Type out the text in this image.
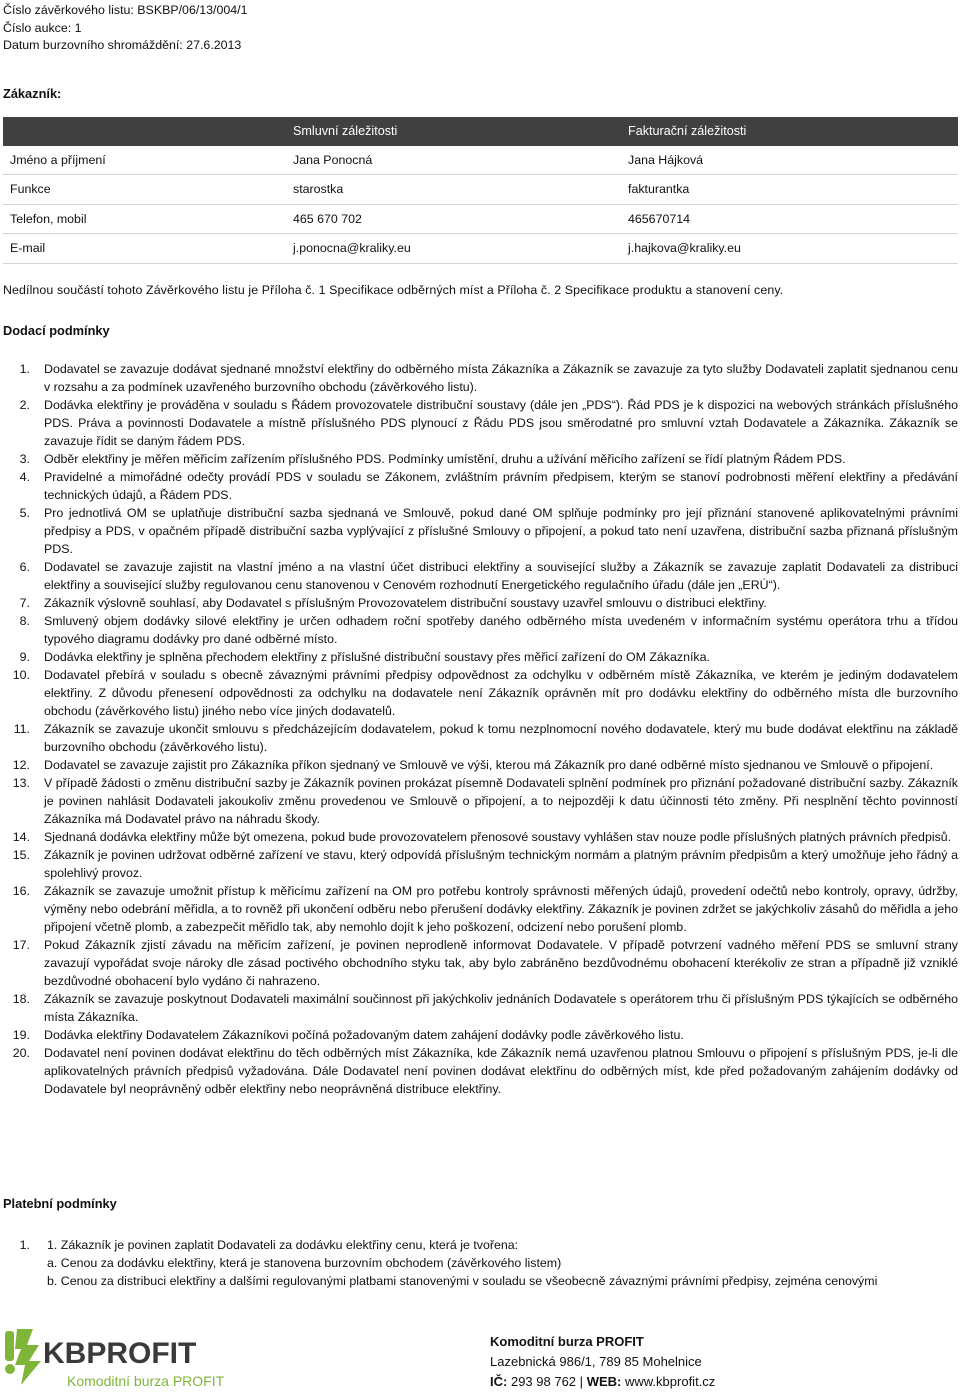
Číslo závěrkového listu: BSKBP/06/13/004/1
Číslo aukce: 1
Datum burzovního shromáždění: 27.6.2013
Zákazník:
	Smluvní záležitosti	Fakturační záležitosti
Jméno a příjmení	Jana Ponocná	Jana Hájková
Funkce	starostka	fakturantka
Telefon, mobil	465 670 702	465670714
E-mail	j.ponocna@kraliky.eu	j.hajkova@kraliky.eu
Nedílnou součástí tohoto Závěrkového listu je Příloha č. 1 Specifikace odběrných míst a Příloha č. 2 Specifikace produktu a stanovení ceny.
Dodací podmínky
1. Dodavatel se zavazuje dodávat sjednané množství elektřiny do odběrného místa Zákazníka a Zákazník se zavazuje za tyto služby Dodavateli zaplatit sjednanou cenu v rozsahu a za podmínek uzavřeného burzovního obchodu (závěrkového listu).
2. Dodávka elektřiny je prováděna v souladu s Řádem provozovatele distribuční soustavy (dále jen „PDS“). Řád PDS je k dispozici na webových stránkách příslušného PDS. Práva a povinnosti Dodavatele a místně příslušného PDS plynoucí z Řádu PDS jsou směrodatné pro smluvní vztah Dodavatele a Zákazníka. Zákazník se zavazuje řídit se daným řádem PDS.
3. Odběr elektřiny je měřen měřicím zařízením příslušného PDS. Podmínky umístění, druhu a užívání měřicího zařízení se řídí platným Řádem PDS.
4. Pravidelné a mimořádné odečty provádí PDS v souladu se Zákonem, zvláštním právním předpisem, kterým se stanoví podrobnosti měření elektřiny a předávání technických údajů, a Řádem PDS.
5. Pro jednotlivá OM se uplatňuje distribuční sazba sjednaná ve Smlouvě, pokud dané OM splňuje podmínky pro její přiznání stanovené aplikovatelnými právními předpisy a PDS, v opačném případě distribuční sazba vyplývající z příslušné Smlouvy o připojení, a pokud tato není uzavřena, distribuční sazba přiznaná příslušným PDS.
6. Dodavatel se zavazuje zajistit na vlastní jméno a na vlastní účet distribuci elektřiny a související služby a Zákazník se zavazuje zaplatit Dodavateli za distribuci elektřiny a související služby regulovanou cenu stanovenou v Cenovém rozhodnutí Energetického regulačního úřadu (dále jen „ERÚ“).
7. Zákazník výslovně souhlasí, aby Dodavatel s příslušným Provozovatelem distribuční soustavy uzavřel smlouvu o distribuci elektřiny.
8. Smluvený objem dodávky silové elektřiny je určen odhadem roční spotřeby daného odběrného místa uvedeném v informačním systému operátora trhu a třídou typového diagramu dodávky pro dané odběrné místo.
9. Dodávka elektřiny je splněna přechodem elektřiny z příslušné distribuční soustavy přes měřicí zařízení do OM Zákazníka.
10. Dodavatel přebírá v souladu s obecně závaznými právními předpisy odpovědnost za odchylku v odběrném místě Zákazníka, ve kterém je jediným dodavatelem elektřiny. Z důvodu přenesení odpovědnosti za odchylku na dodavatele není Zákazník oprávněn mít pro dodávku elektřiny do odběrného místa dle burzovního obchodu (závěrkového listu) jiného nebo více jiných dodavatelů.
11. Zákazník se zavazuje ukončit smlouvu s předcházejícím dodavatelem, pokud k tomu nezplnomocní nového dodavatele, který mu bude dodávat elektřinu na základě burzovního obchodu (závěrkového listu).
12. Dodavatel se zavazuje zajistit pro Zákazníka příkon sjednaný ve Smlouvě ve výši, kterou má Zákazník pro dané odběrné místo sjednanou ve Smlouvě o připojení.
13. V případě žádosti o změnu distribuční sazby je Zákazník povinen prokázat písemně Dodavateli splnění podmínek pro přiznání požadované distribuční sazby. Zákazník je povinen nahlásit Dodavateli jakoukoliv změnu provedenou ve Smlouvě o připojení, a to nejpozději k datu účinnosti této změny. Při nesplnění těchto povinností Zákazníka má Dodavatel právo na náhradu škody.
14. Sjednaná dodávka elektřiny může být omezena, pokud bude provozovatelem přenosové soustavy vyhlášen stav nouze podle příslušných platných právních předpisů.
15. Zákazník je povinen udržovat odběrné zařízení ve stavu, který odpovídá příslušným technickým normám a platným právním předpisům a který umožňuje jeho řádný a spolehlivý provoz.
16. Zákazník se zavazuje umožnit přístup k měřicímu zařízení na OM pro potřebu kontroly správnosti měřených údajů, provedení odečtů nebo kontroly, opravy, údržby, výměny nebo odebrání měřidla, a to rovněž při ukončení odběru nebo přerušení dodávky elektřiny. Zákazník je povinen zdržet se jakýchkoliv zásahů do měřidla a jeho připojení včetně plomb, a zabezpečit měřidlo tak, aby nemohlo dojít k jeho poškození, odcizení nebo porušení plomb.
17. Pokud Zákazník zjistí závadu na měřicím zařízení, je povinen neprodleně informovat Dodavatele. V případě potvrzení vadného měření PDS se smluvní strany zavazují vypořádat svoje nároky dle zásad poctivého obchodního styku tak, aby bylo zabráněno bezdůvodnému obohacení kterékoliv ze stran a případně již vzniklé bezdůvodné obohacení bylo vydáno či nahrazeno.
18. Zákazník se zavazuje poskytnout Dodavateli maximální součinnost při jakýchkoliv jednáních Dodavatele s operátorem trhu či příslušným PDS týkajících se odběrného místa Zákazníka.
19. Dodávka elektřiny Dodavatelem Zákazníkovi počíná požadovaným datem zahájení dodávky podle závěrkového listu.
20. Dodavatel není povinen dodávat elektřinu do těch odběrných míst Zákazníka, kde Zákazník nemá uzavřenou platnou Smlouvu o připojení s příslušným PDS, je-li dle aplikovatelných právních předpisů vyžadována. Dále Dodavatel není povinen dodávat elektřinu do odběrných míst, kde před požadovaným zahájením dodávky od Dodavatele byl neoprávněný odběr elektřiny nebo neoprávněná distribuce elektřiny.
Platební podmínky
1. 1. Zákazník je povinen zaplatit Dodavateli za dodávku elektřiny cenu, která je tvořena:
a. Cenou za dodávku elektřiny, která je stanovena burzovním obchodem (závěrkového listem)
b. Cenou za distribuci elektřiny a dalšími regulovanými platbami stanovenými v souladu se všeobecně závaznými právními předpisy, zejména cenovými
KBPROFIT
Komoditní burza PROFIT
Komoditní burza PROFIT
Lazebnická 986/1, 789 85 Mohelnice
IČ: 293 98 762 | WEB: www.kbprofit.cz
